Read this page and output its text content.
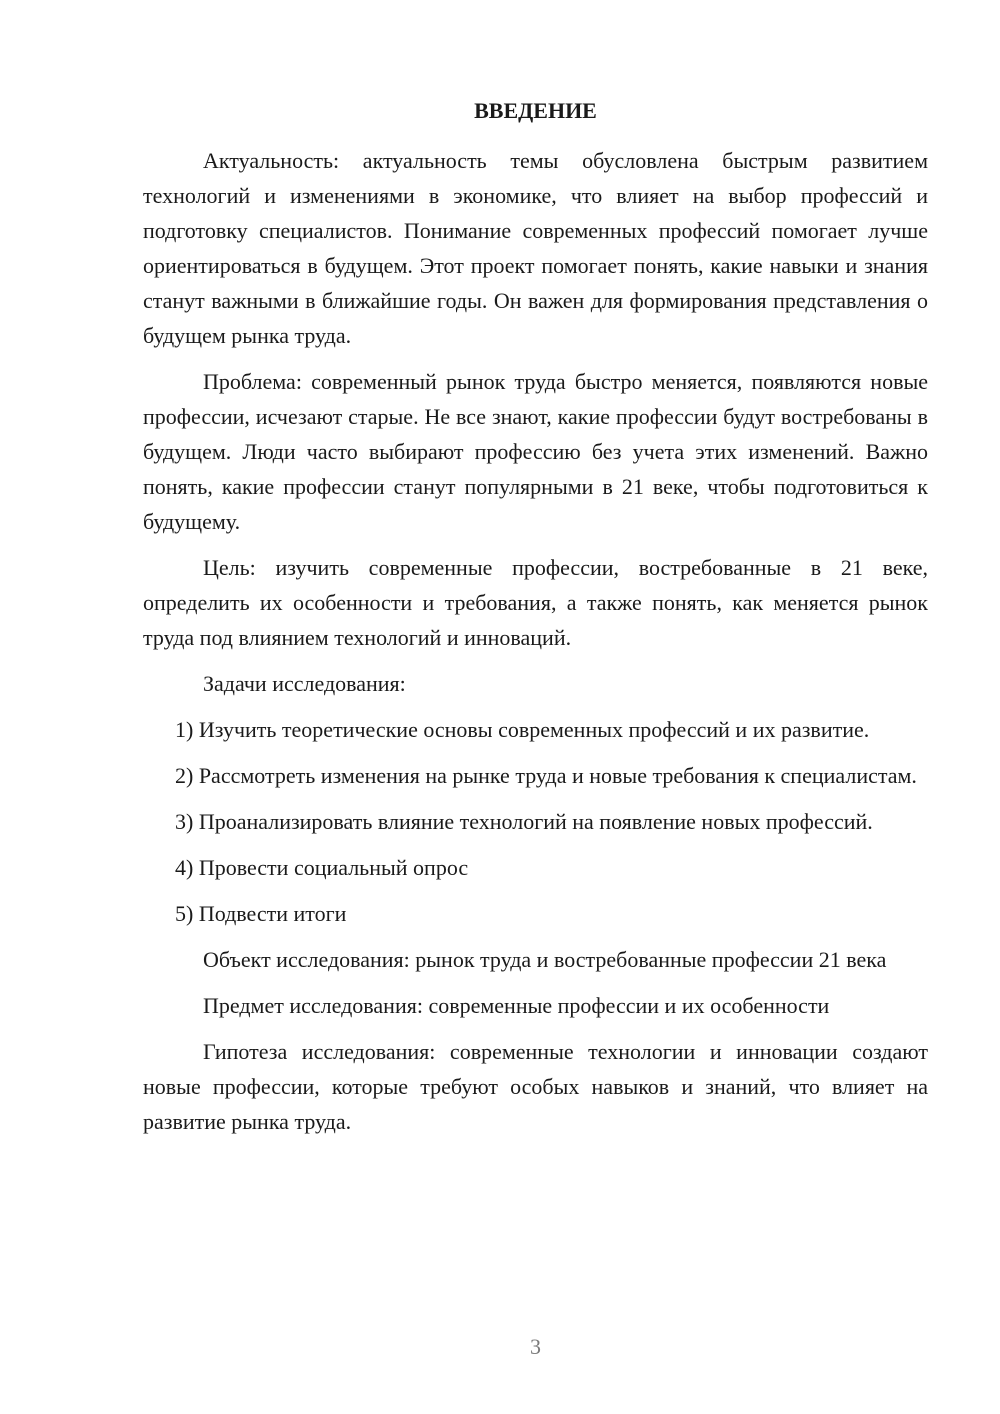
ВВЕДЕНИЕ

Актуальность: актуальность темы обусловлена быстрым развитием технологий и изменениями в экономике, что влияет на выбор профессий и подготовку специалистов. Понимание современных профессий помогает лучше ориентироваться в будущем. Этот проект помогает понять, какие навыки и знания станут важными в ближайшие годы. Он важен для формирования представления о будущем рынка труда.

Проблема: современный рынок труда быстро меняется, появляются новые профессии, исчезают старые. Не все знают, какие профессии будут востребованы в будущем. Люди часто выбирают профессию без учета этих изменений. Важно понять, какие профессии станут популярными в 21 веке, чтобы подготовиться к будущему.

Цель: изучить современные профессии, востребованные в 21 веке, определить их особенности и требования, а также понять, как меняется рынок труда под влиянием технологий и инноваций.

Задачи исследования:

1) Изучить теоретические основы современных профессий и их развитие.

2) Рассмотреть изменения на рынке труда и новые требования к специалистам.

3) Проанализировать влияние технологий на появление новых профессий.

4) Провести социальный опрос

5) Подвести итоги

Объект исследования: рынок труда и востребованные профессии 21 века

Предмет исследования: современные профессии и их особенности

Гипотеза исследования: современные технологии и инновации создают новые профессии, которые требуют особых навыков и знаний, что влияет на развитие рынка труда.

3
